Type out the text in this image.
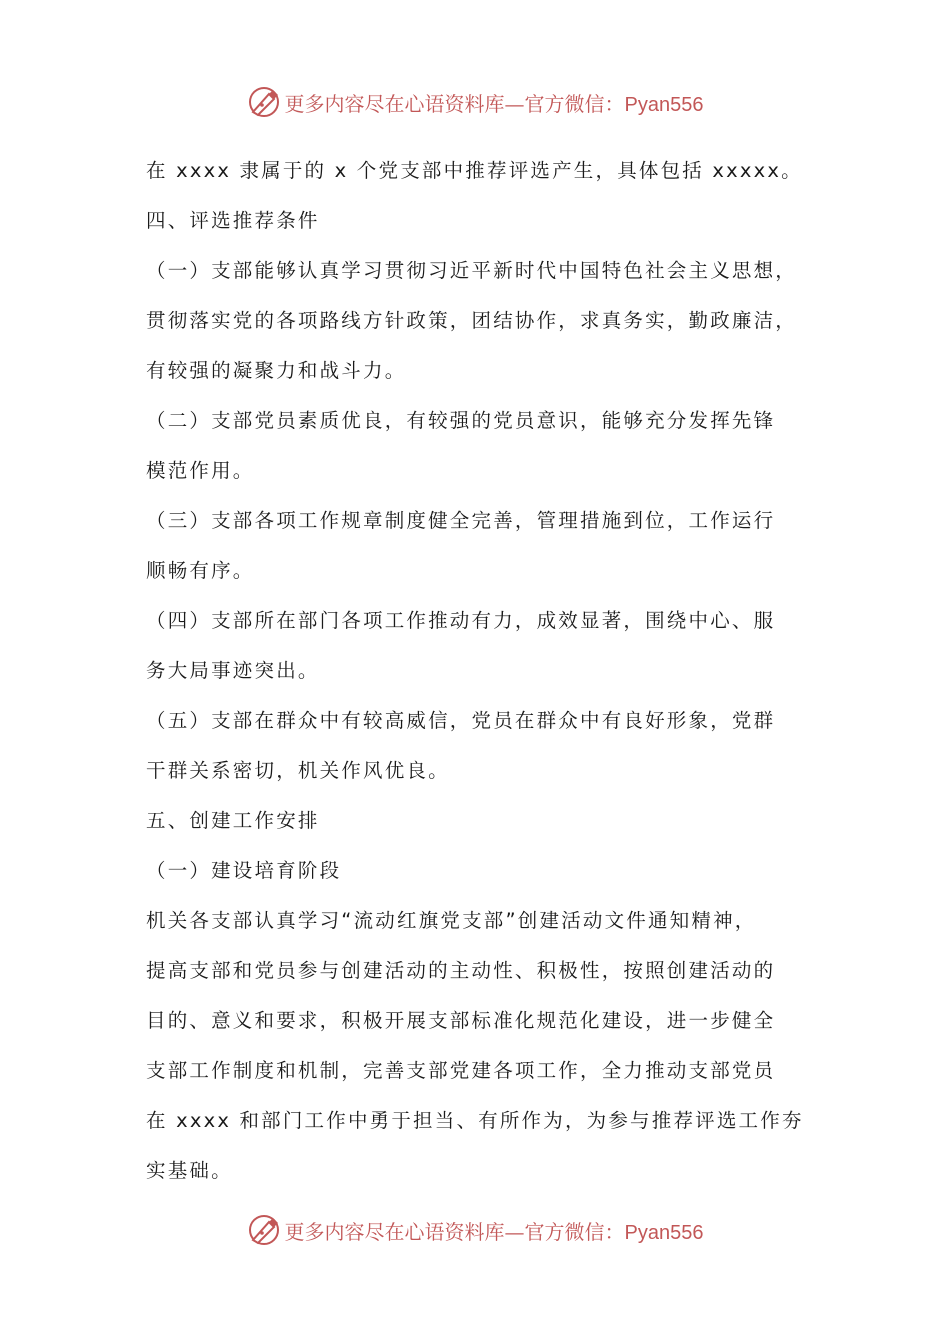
更多内容尽在心语资料库—官方微信：Pyan556
在 xxxx 隶属于的 x 个党支部中推荐评选产生，具体包括 xxxxx。
四、评选推荐条件
（一）支部能够认真学习贯彻习近平新时代中国特色社会主义思想，
贯彻落实党的各项路线方针政策，团结协作，求真务实，勤政廉洁，
有较强的凝聚力和战斗力。
（二）支部党员素质优良，有较强的党员意识，能够充分发挥先锋
模范作用。
（三）支部各项工作规章制度健全完善，管理措施到位，工作运行
顺畅有序。
（四）支部所在部门各项工作推动有力，成效显著，围绕中心、服
务大局事迹突出。
（五）支部在群众中有较高威信，党员在群众中有良好形象，党群
干群关系密切，机关作风优良。
五、创建工作安排
（一）建设培育阶段
机关各支部认真学习“流动红旗党支部”创建活动文件通知精神，
提高支部和党员参与创建活动的主动性、积极性，按照创建活动的
目的、意义和要求，积极开展支部标准化规范化建设，进一步健全
支部工作制度和机制，完善支部党建各项工作，全力推动支部党员
在 xxxx 和部门工作中勇于担当、有所作为，为参与推荐评选工作夯
实基础。
更多内容尽在心语资料库—官方微信：Pyan556
